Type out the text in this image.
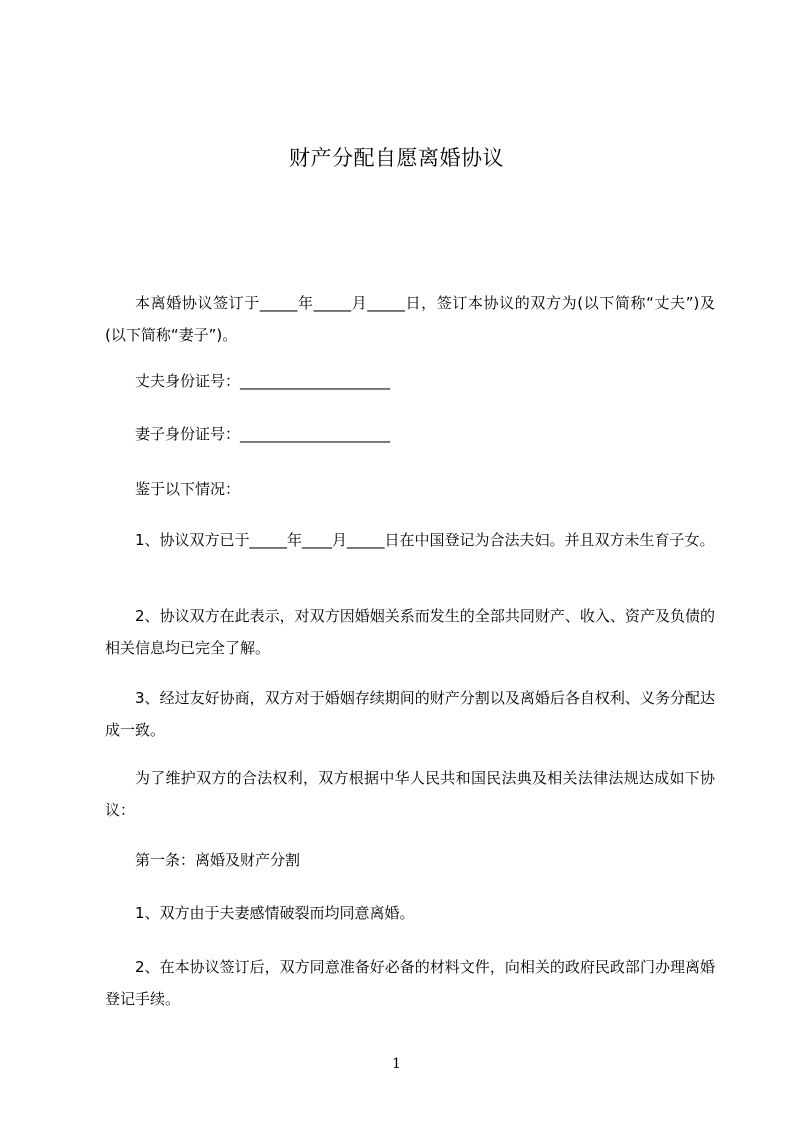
财产分配自愿离婚协议
本离婚协议签订于_____年_____月_____日，签订本协议的双方为(以下简称“丈夫”)及(以下简称“妻子”)。
丈夫身份证号：____________________
妻子身份证号：____________________
鉴于以下情况：
1、协议双方已于_____年____月_____日在中国登记为合法夫妇。并且双方未生育子女。
2、协议双方在此表示，对双方因婚姻关系而发生的全部共同财产、收入、资产及负债的相关信息均已完全了解。
3、经过友好协商，双方对于婚姻存续期间的财产分割以及离婚后各自权利、义务分配达成一致。
为了维护双方的合法权利，双方根据中华人民共和国民法典及相关法律法规达成如下协议：
第一条：离婚及财产分割
1、双方由于夫妻感情破裂而均同意离婚。
2、在本协议签订后，双方同意准备好必备的材料文件，向相关的政府民政部门办理离婚登记手续。
1
